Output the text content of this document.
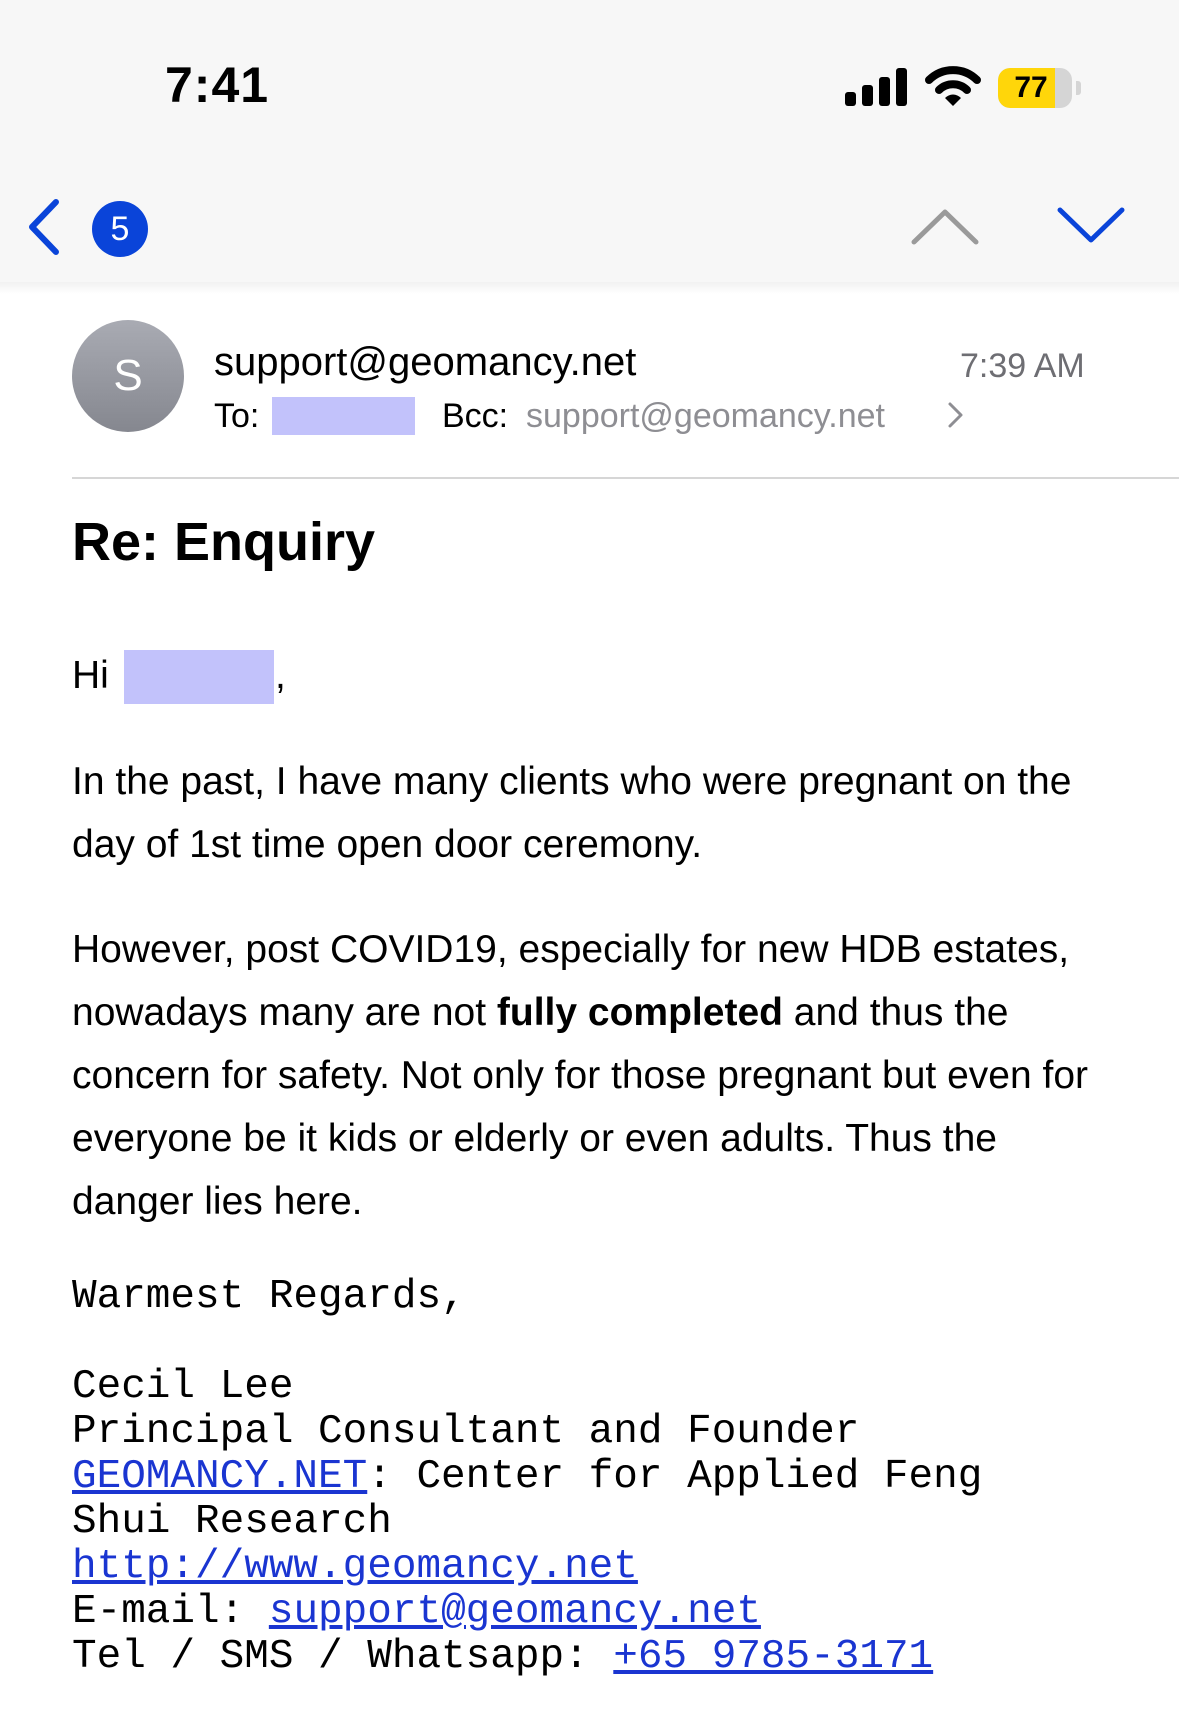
7:41	77
5
S	support@geomancy.net	7:39 AM
To:	Bcc: support@geomancy.net
Re: Enquiry
Hi	,
In the past, I have many clients who were pregnant on the day of 1st time open door ceremony.
However, post COVID19, especially for new HDB estates, nowadays many are not fully completed and thus the concern for safety. Not only for those pregnant but even for everyone be it kids or elderly or even adults. Thus the danger lies here.
Warmest Regards,
Cecil Lee
Principal Consultant and Founder
GEOMANCY.NET: Center for Applied Feng
Shui Research
http://www.geomancy.net
E-mail: support@geomancy.net
Tel / SMS / Whatsapp: +65 9785-3171
